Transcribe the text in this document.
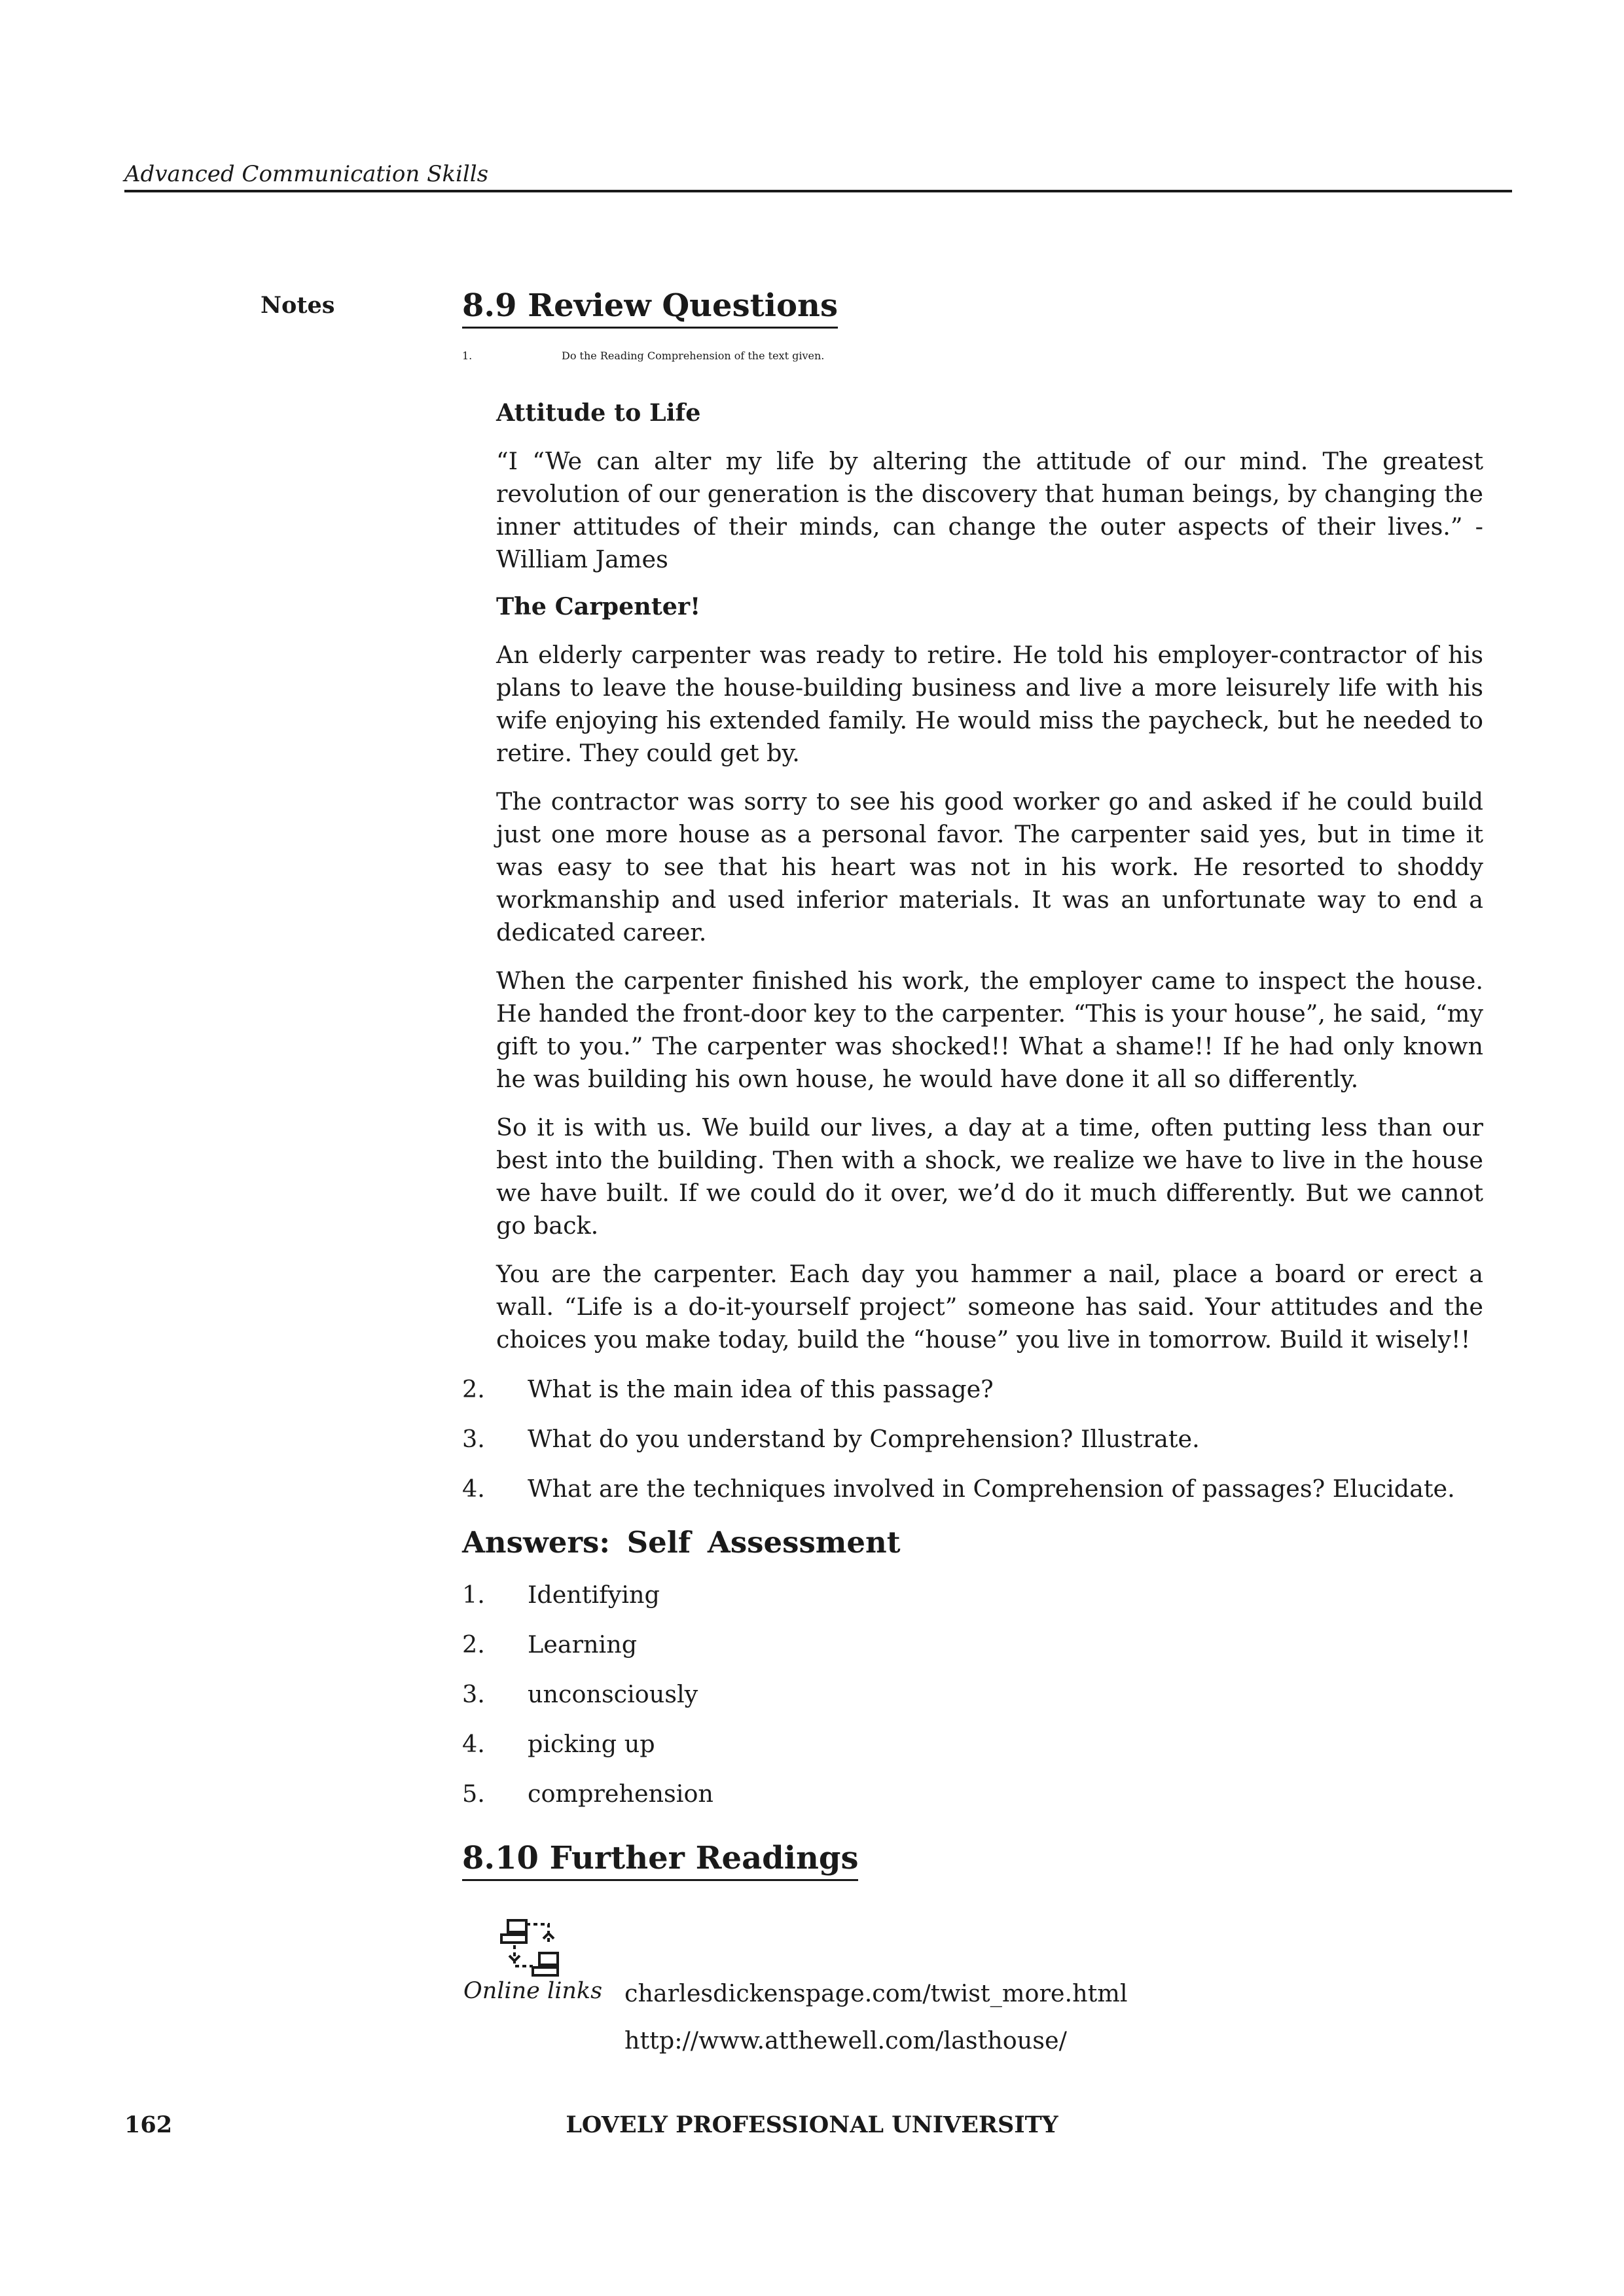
Advanced Communication Skills
Notes	8.9 Review Questions
1.	Do the Reading Comprehension of the text given.

Attitude to Life

“I “We can alter my life by altering the attitude of our mind. The greatest revolution of our generation is the discovery that human beings, by changing the inner attitudes of their minds, can change the outer aspects of their lives.” - William James

The Carpenter!

An elderly carpenter was ready to retire. He told his employer-contractor of his plans to leave the house-building business and live a more leisurely life with his wife enjoying his extended family. He would miss the paycheck, but he needed to retire. They could get by.

The contractor was sorry to see his good worker go and asked if he could build just one more house as a personal favor. The carpenter said yes, but in time it was easy to see that his heart was not in his work. He resorted to shoddy workmanship and used inferior materials. It was an unfortunate way to end a dedicated career.

When the carpenter finished his work, the employer came to inspect the house. He handed the front-door key to the carpenter. “This is your house”, he said, “my gift to you.” The carpenter was shocked!! What a shame!! If he had only known he was building his own house, he would have done it all so differently.

So it is with us. We build our lives, a day at a time, often putting less than our best into the building. Then with a shock, we realize we have to live in the house we have built. If we could do it over, we’d do it much differently. But we cannot go back.

You are the carpenter. Each day you hammer a nail, place a board or erect a wall. “Life is a do-it-yourself project” someone has said. Your attitudes and the choices you make today, build the “house” you live in tomorrow. Build it wisely!!

2. What is the main idea of this passage?
3. What do you understand by Comprehension? Illustrate.
4. What are the techniques involved in Comprehension of passages? Elucidate.
Answers: Self Assessment
1. Identifying
2. Learning
3. unconsciously
4. picking up
5. comprehension
8.10 Further Readings
Online links charlesdickenspage.com/twist_more.html
http://www.atthewell.com/lasthouse/
LOVELY PROFESSIONAL UNIVERSITY
162
